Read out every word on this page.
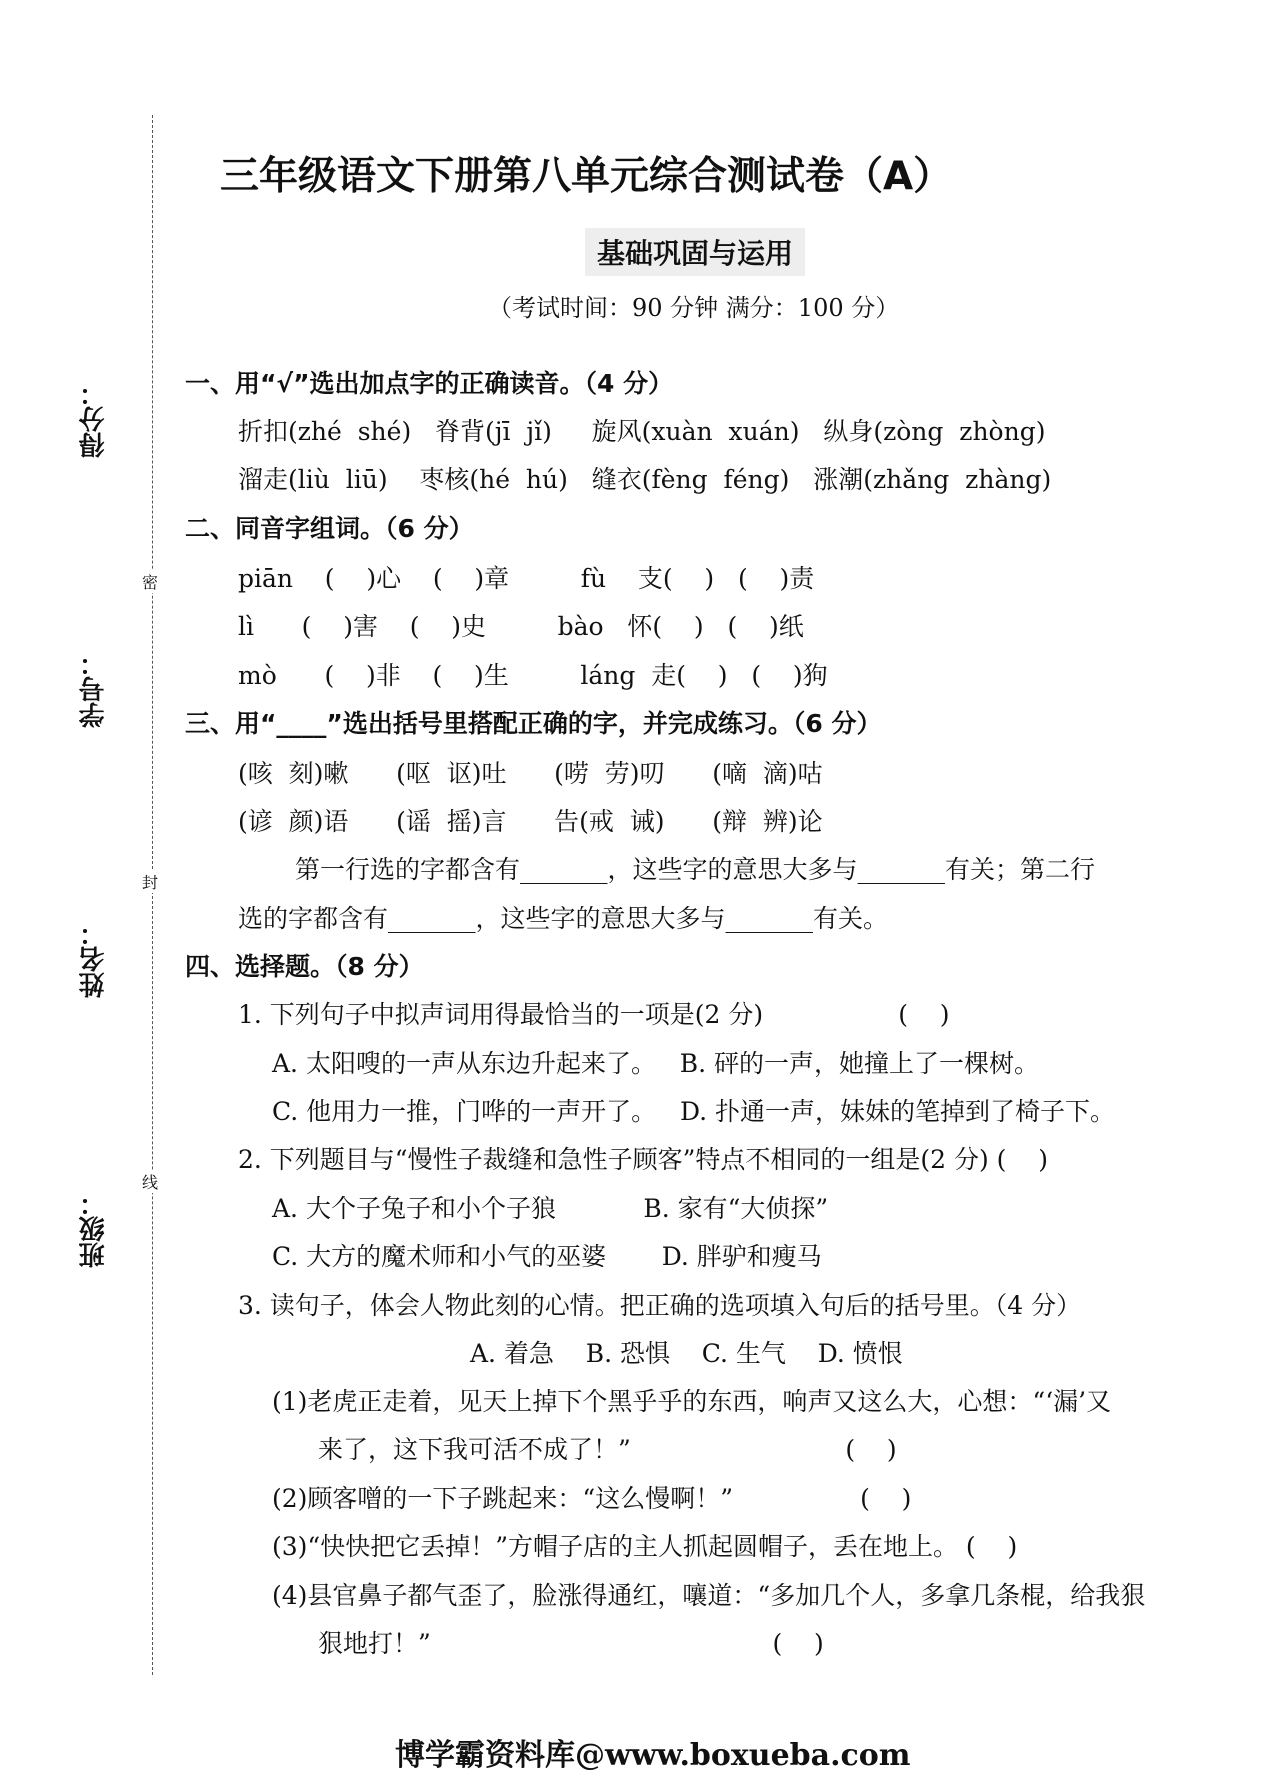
得分：
学号：
姓名：
班级：
三年级语文下册第八单元综合测试卷（A）
基础巩固与运用
（考试时间：90 分钟 满分：100 分）
一、用“√”选出加点字的正确读音。（4 分）
折扣(zhé  shé)   脊背(jī  jǐ)     旋风(xuàn  xuán)   纵身(zòng  zhòng)
溜走(liù  liū)    枣核(hé  hú)   缝衣(fèng  féng)   涨潮(zhǎng  zhàng)
二、同音字组词。（6 分）
piān    (    )心    (    )章         fù    支(    )   (    )责
lì      (    )害    (    )史         bào   怀(    )   (    )纸
mò      (    )非    (    )生         láng  走(    )   (    )狗
三、用“____”选出括号里搭配正确的字，并完成练习。（6 分）
(咳  刻)嗽      (呕  讴)吐      (唠  劳)叨      (嘀  滴)咕
(谚  颜)语      (谣  摇)言      告(戒  诫)      (辩  辨)论
第一行选的字都含有_______，这些字的意思大多与_______有关；第二行
选的字都含有_______，这些字的意思大多与_______有关。
四、选择题。（8 分）
1. 下列句子中拟声词用得最恰当的一项是(2 分)                 (    )
A. 太阳嗖的一声从东边升起来了。   B. 砰的一声，她撞上了一棵树。
C. 他用力一推，门哗的一声开了。   D. 扑通一声，妹妹的笔掉到了椅子下。
2. 下列题目与“慢性子裁缝和急性子顾客”特点不相同的一组是(2 分) (    )
A. 大个子兔子和小个子狼           B. 家有“大侦探”
C. 大方的魔术师和小气的巫婆       D. 胖驴和瘦马
3. 读句子，体会人物此刻的心情。把正确的选项填入句后的括号里。（4 分）
A. 着急    B. 恐惧    C. 生气    D. 愤恨
(1)老虎正走着，见天上掉下个黑乎乎的东西，响声又这么大，心想：“‘漏’又
来了，这下我可活不成了！”                           (    )
(2)顾客噌的一下子跳起来：“这么慢啊！”                (    )
(3)“快快把它丢掉！”方帽子店的主人抓起圆帽子，丢在地上。 (    )
(4)县官鼻子都气歪了，脸涨得通红，嚷道：“多加几个人，多拿几条棍，给我狠
狠地打！”                                           (    )
博学霸资料库@www.boxueba.com
密
封
线
